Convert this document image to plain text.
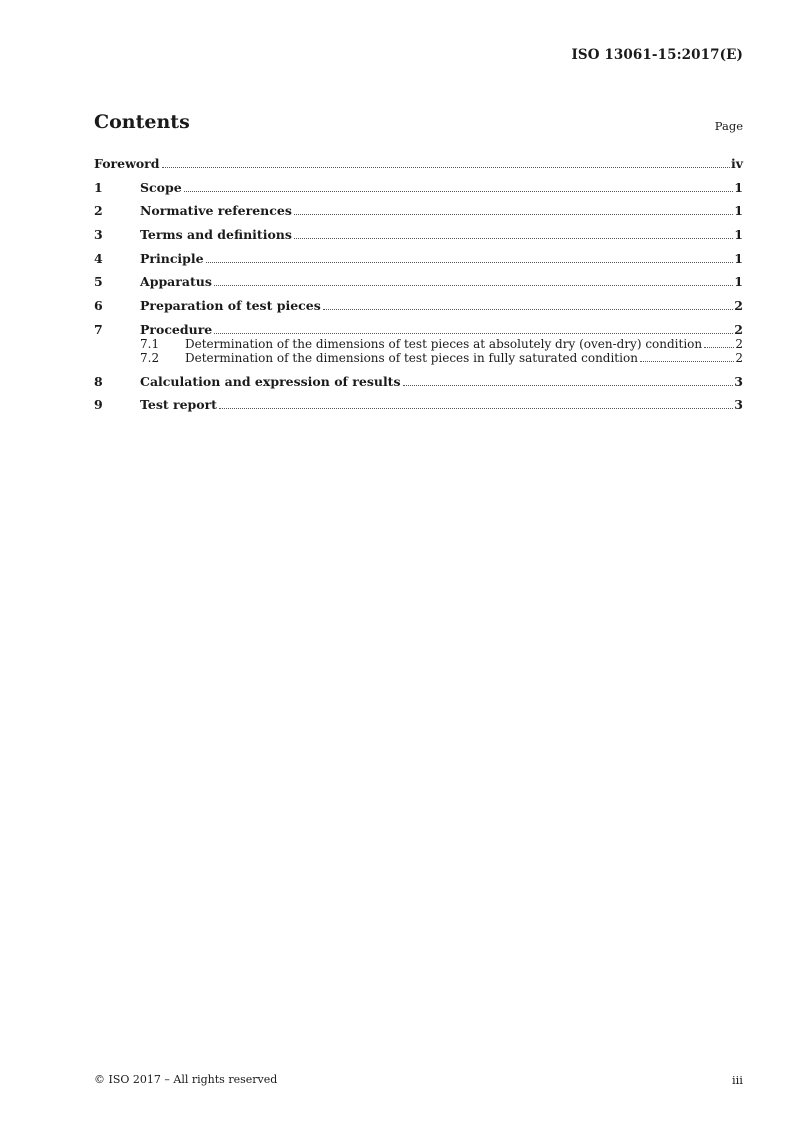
ISO 13061-15:2017(E)
Contents	Page
Foreword	iv
1	Scope	1
2	Normative references	1
3	Terms and definitions	1
4	Principle	1
5	Apparatus	1
6	Preparation of test pieces	2
7	Procedure	2
7.1	Determination of the dimensions of test pieces at absolutely dry (oven-dry) condition	2
7.2	Determination of the dimensions of test pieces in fully saturated condition	2
8	Calculation and expression of results	3
9	Test report	3
© ISO 2017 – All rights reserved	iii
